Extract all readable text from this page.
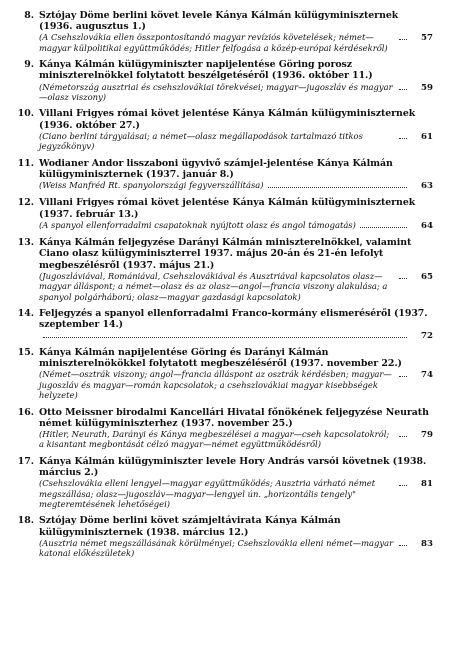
8. Sztójay Döme berlini követ levele Kánya Kálmán külügyminiszternek (1936. augusztus 1.)
(A Csehszlovákia ellen összpontosítandó magyar revíziós követelések; német—magyar külpolitikai együttműködés; Hitler felfogása a közép-európai kérdésekről)
57
9. Kánya Kálmán külügyminiszter napijelentése Göring porosz miniszterelnökkel folytatott beszélgetéséről (1936. október 11.)
(Németország ausztriai és csehszlovákiai törekvései; magyar—jugoszláv és magyar—olasz viszony)
59
10. Villani Frigyes római követ jelentése Kánya Kálmán külügyminiszternek (1936. október 27.)
(Ciano berlini tárgyalásai; a német—olasz megállapodások tartalmazó titkos jegyzőkönyv)
61
11. Wodianer Andor lisszaboni ügyvivő számjel-jelentése Kánya Kálmán külügyminiszternek (1937. január 8.)
(Weiss Manfréd Rt. spanyolországi fegyverszállítása)	63
12. Villani Frigyes római követ jelentése Kánya Kálmán külügyminiszternek (1937. február 13.)
(A spanyol ellenforradalmi csapatoknak nyújtott olasz és angol támogatás)	64
13. Kánya Kálmán feljegyzése Darányi Kálmán miniszterelnökkel, valamint Ciano olasz külügyminiszterrel 1937. május 20-án és 21-én lefolyt megbeszélésről (1937. május 21.)
(Jugoszláviával, Romániával, Csehszlovákiával és Ausztriával kapcsolatos olasz—magyar álláspont; a német—olasz és az olasz—angol—francia viszony alakulása; a spanyol polgárháború; olasz—magyar gazdasági kapcsolatok)
65
14. Feljegyzés a spanyol ellenforradalmi Franco-kormány elismeréséről (1937. szeptember 14.)
72
15. Kánya Kálmán napijelentése Göring és Darányi Kálmán miniszterelnökökkel folytatott megbeszéléséről (1937. november 22.)
(Német—osztrák viszony; angol—francia álláspont az osztrák kérdésben; magyar—jugoszláv és magyar—román kapcsolatok; a csehszlovákiai magyar kisebbségek helyzete)
74
16. Otto Meissner birodalmi Kancellári Hivatal főnökének feljegyzése Neurath német külügyminiszterhez (1937. november 25.)
(Hitler, Neurath, Darányi és Kánya megbeszélései a magyar—cseh kapcsolatokról; a kisantant megbontását célzó magyar—német együttműködésről)
79
17. Kánya Kálmán külügyminiszter levele Hory András varsói követnek (1938. március 2.)
(Csehszlovákia elleni lengyel—magyar együttműködés; Ausztria várható német megszállása; olasz—jugoszláv—magyar—lengyel ún. „horizontális tengely" megteremtésének lehetőségei)
81
18. Sztójay Döme berlini követ számjeltávirata Kánya Kálmán külügyminiszternek (1938. március 12.)
(Ausztria német megszállásának körülményei; Csehszlovákia elleni német—magyar katonai előkészületek)
83
